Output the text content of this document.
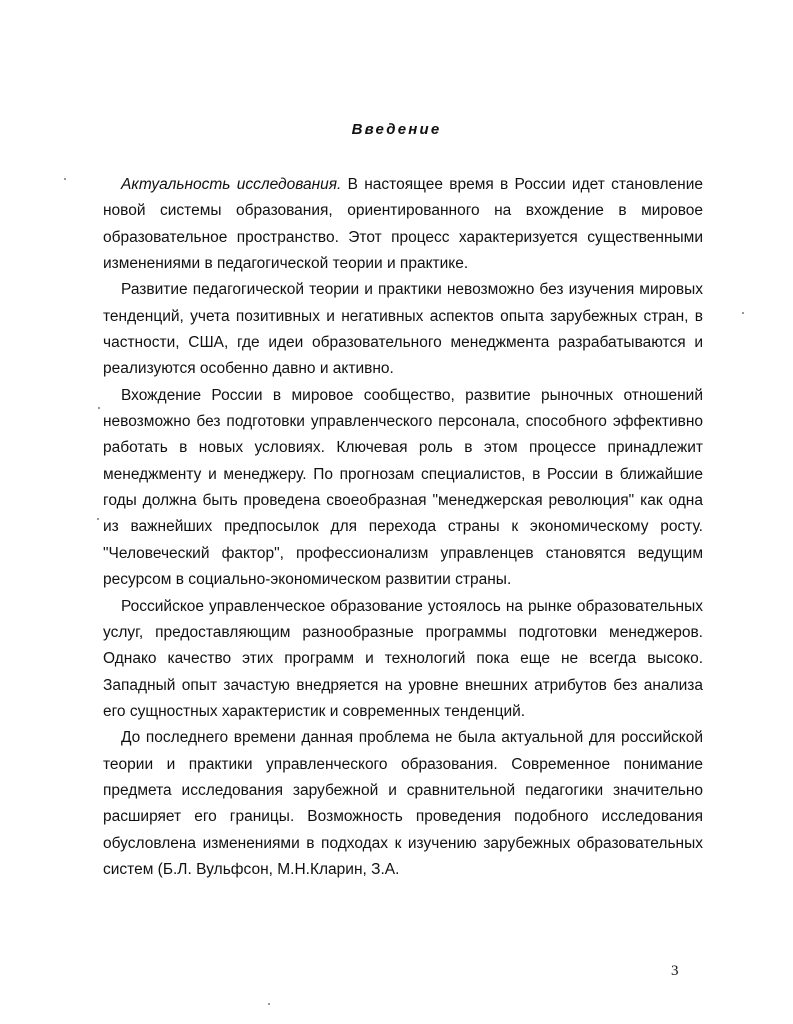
Введение

Актуальность исследования. В настоящее время в России идет становление новой системы образования, ориентированного на вхождение в мировое образовательное пространство. Этот процесс характеризуется существенными изменениями в педагогической теории и практике.

Развитие педагогической теории и практики невозможно без изучения мировых тенденций, учета позитивных и негативных аспектов опыта зарубежных стран, в частности, США, где идеи образовательного менеджмента разрабатываются и реализуются особенно давно и активно.

Вхождение России в мировое сообщество, развитие рыночных отношений невозможно без подготовки управленческого персонала, способного эффективно работать в новых условиях. Ключевая роль в этом процессе принадлежит менеджменту и менеджеру. По прогнозам специалистов, в России в ближайшие годы должна быть проведена своеобразная "менеджерская революция" как одна из важнейших предпосылок для перехода страны к экономическому росту. "Человеческий фактор", профессионализм управленцев становятся ведущим ресурсом в социально-экономическом развитии страны.

Российское управленческое образование устоялось на рынке образовательных услуг, предоставляющим разнообразные программы подготовки менеджеров. Однако качество этих программ и технологий пока еще не всегда высоко. Западный опыт зачастую внедряется на уровне внешних атрибутов без анализа его сущностных характеристик и современных тенденций.

До последнего времени данная проблема не была актуальной для российской теории и практики управленческого образования. Современное понимание предмета исследования зарубежной и сравнительной педагогики значительно расширяет его границы. Возможность проведения подобного исследования обусловлена изменениями в подходах к изучению зарубежных образовательных систем (Б.Л. Вульфсон, М.Н.Кларин, З.А.

3
